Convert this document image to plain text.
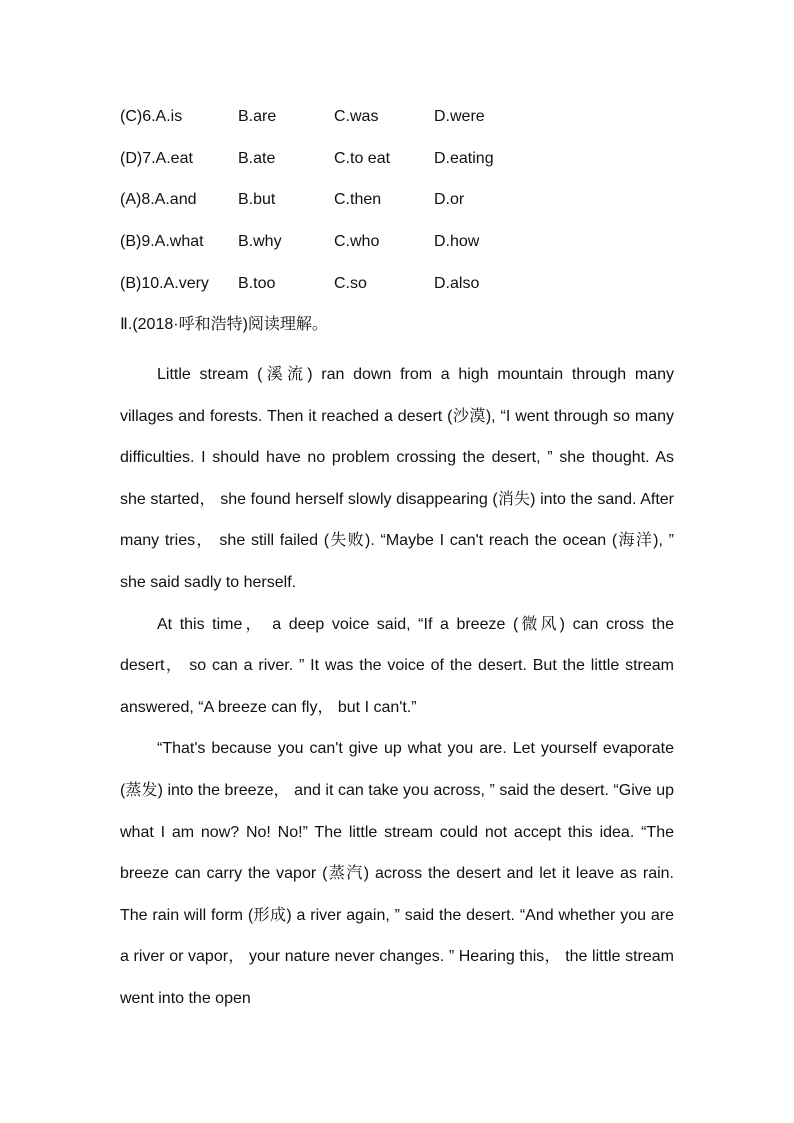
(C)6.A.is	B.are	C.was	D.were
(D)7.A.eat	B.ate	C.to eat	D.eating
(A)8.A.and	B.but	C.then	D.or
(B)9.A.what B.why	C.who	D.how
(B)10.A.very B.too	C.so	D.also
Ⅱ.(2018·呼和浩特)阅读理解。

Little stream (溪流) ran down from a high mountain through many villages and forests. Then it reached a desert (沙漠), “I went through so many difficulties. I should have no problem crossing the desert, ” she thought. As she started， she found herself slowly disappearing (消失) into the sand. After many tries， she still failed (失败). “Maybe I can't reach the ocean (海洋), ” she said sadly to herself.

At this time， a deep voice said, “If a breeze (微风) can cross the desert， so can a river. ” It was the voice of the desert. But the little stream answered, “A breeze can fly， but I can't.”

“That's because you can't give up what you are. Let yourself evaporate (蒸发) into the breeze， and it can take you across, ” said the desert. “Give up what I am now? No! No!” The little stream could not accept this idea. “The breeze can carry the vapor (蒸汽) across the desert and let it leave as rain. The rain will form (形成) a river again, ” said the desert. “And whether you are a river or vapor， your nature never changes. ” Hearing this， the little stream went into the open
